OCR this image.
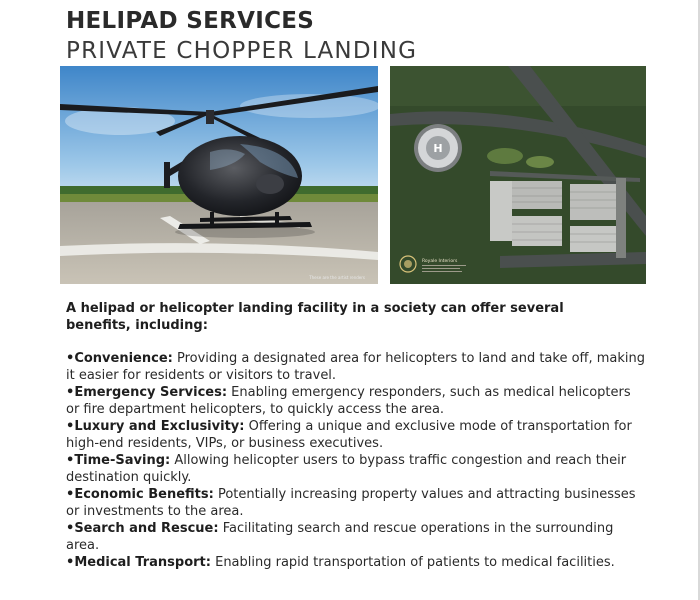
HELIPAD SERVICES
PRIVATE CHOPPER LANDING
These are the artist renders
H
Royale Interiors

A helipad or helicopter landing facility in a society can offer several benefits, including:

•Convenience: Providing a designated area for helicopters to land and take off, making it easier for residents or visitors to travel.
•Emergency Services: Enabling emergency responders, such as medical helicopters or fire department helicopters, to quickly access the area.
•Luxury and Exclusivity: Offering a unique and exclusive mode of transportation for high-end residents, VIPs, or business executives.
•Time-Saving: Allowing helicopter users to bypass traffic congestion and reach their destination quickly.
•Economic Benefits: Potentially increasing property values and attracting businesses or investments to the area.
•Search and Rescue: Facilitating search and rescue operations in the surrounding area.
•Medical Transport: Enabling rapid transportation of patients to medical facilities.
